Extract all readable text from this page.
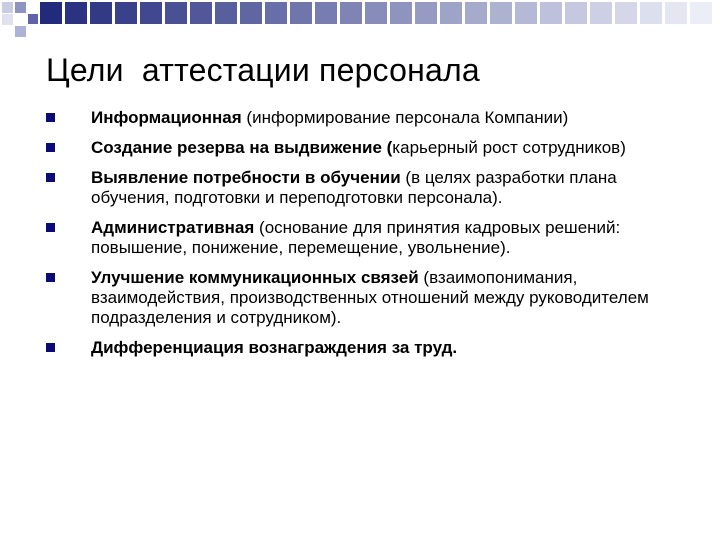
Цели  аттестации персонала
Информационная (информирование персонала Компании)
Создание резерва на выдвижение (карьерный рост сотрудников)
Выявление потребности в обучении (в целях разработки плана обучения, подготовки и переподготовки персонала).
Административная (основание для принятия кадровых решений: повышение, понижение, перемещение, увольнение).
Улучшение коммуникационных связей (взаимопонимания, взаимодействия, производственных отношений между руководителем подразделения и сотрудником).
Дифференциация вознаграждения за труд.
